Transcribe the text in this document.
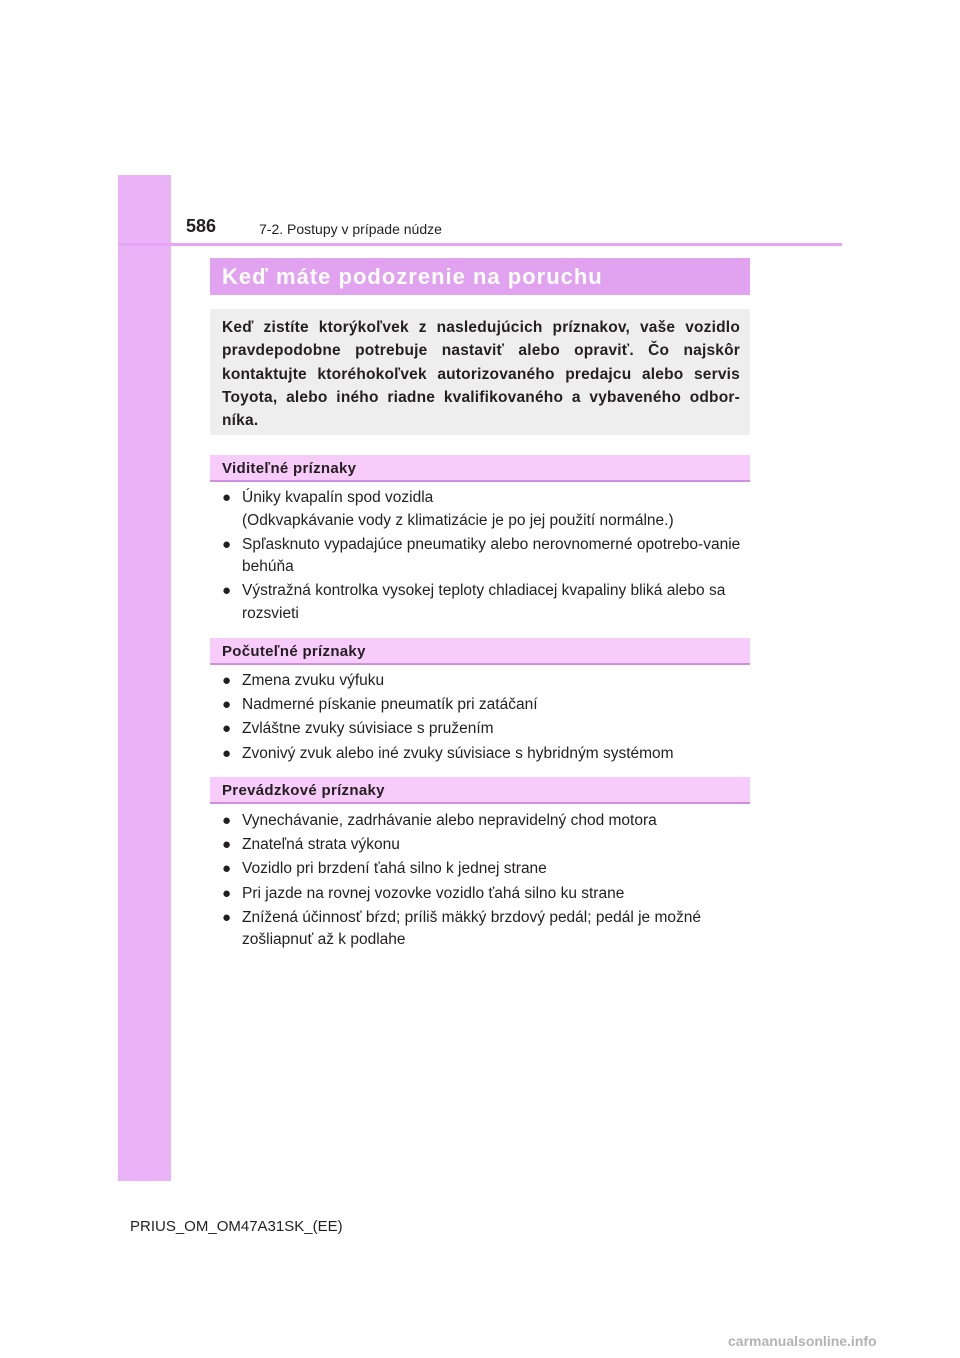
586	7-2. Postupy v prípade núdze
Keď máte podozrenie na poruchu

Keď zistíte ktorýkoľvek z nasledujúcich príznakov, vaše vozidlo pravdepodobne potrebuje nastaviť alebo opraviť. Čo najskôr kontaktujte ktoréhokoľvek autorizovaného predajcu alebo servis Toyota, alebo iného riadne kvalifikovaného a vybaveného odbor-níka.

Viditeľné príznaky
● Úniky kvapalín spod vozidla
(Odkvapkávanie vody z klimatizácie je po jej použití normálne.)
● Spľasknuto vypadajúce pneumatiky alebo nerovnomerné opotrebo-vanie behúňa
● Výstražná kontrolka vysokej teploty chladiacej kvapaliny bliká alebo sa rozsvieti
Počuteľné príznaky
● Zmena zvuku výfuku
● Nadmerné pískanie pneumatík pri zatáčaní
● Zvláštne zvuky súvisiace s pružením
● Zvonivý zvuk alebo iné zvuky súvisiace s hybridným systémom
Prevádzkové príznaky
● Vynechávanie, zadrhávanie alebo nepravidelný chod motora
● Znateľná strata výkonu
● Vozidlo pri brzdení ťahá silno k jednej strane
● Pri jazde na rovnej vozovke vozidlo ťahá silno ku strane
● Znížená účinnosť bŕzd; príliš mäkký brzdový pedál; pedál je možné zošliapnuť až k podlahe
PRIUS_OM_OM47A31SK_(EE)
carmanualsonline.info
